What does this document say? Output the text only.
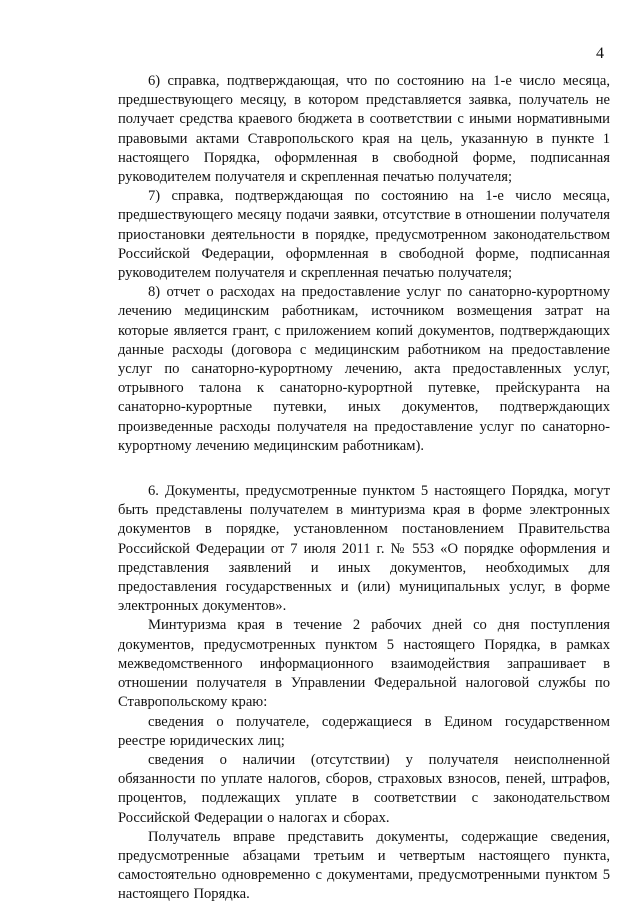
4

6) справка, подтверждающая, что по состоянию на 1-е число месяца, предшествующего месяцу, в котором представляется заявка, получатель не получает средства краевого бюджета в соответствии с иными нормативными правовыми актами Ставропольского края на цель, указанную в пункте 1 настоящего Порядка, оформленная в свободной форме, подписанная руководителем получателя и скрепленная печатью получателя;

7) справка, подтверждающая по состоянию на 1-е число месяца, предшествующего месяцу подачи заявки, отсутствие в отношении получателя приостановки деятельности в порядке, предусмотренном законодательством Российской Федерации, оформленная в свободной форме, подписанная руководителем получателя и скрепленная печатью получателя;

8) отчет о расходах на предоставление услуг по санаторно-курортному лечению медицинским работникам, источником возмещения затрат на которые является грант, с приложением копий документов, подтверждающих данные расходы (договора с медицинским работником на предоставление услуг по санаторно-курортному лечению, акта предоставленных услуг, отрывного талона к санаторно-курортной путевке, прейскуранта на санаторно-курортные путевки, иных документов, подтверждающих произведенные расходы получателя на предоставление услуг по санаторно-курортному лечению медицинским работникам).

6. Документы, предусмотренные пунктом 5 настоящего Порядка, могут быть представлены получателем в минтуризма края в форме электронных документов в порядке, установленном постановлением Правительства Российской Федерации от 7 июля 2011 г. № 553 «О порядке оформления и представления заявлений и иных документов, необходимых для предоставления государственных и (или) муниципальных услуг, в форме электронных документов».

Минтуризма края в течение 2 рабочих дней со дня поступления документов, предусмотренных пунктом 5 настоящего Порядка, в рамках межведомственного информационного взаимодействия запрашивает в отношении получателя в Управлении Федеральной налоговой службы по Ставропольскому краю:

сведения о получателе, содержащиеся в Едином государственном реестре юридических лиц;

сведения о наличии (отсутствии) у получателя неисполненной обязанности по уплате налогов, сборов, страховых взносов, пеней, штрафов, процентов, подлежащих уплате в соответствии с законодательством Российской Федерации о налогах и сборах.

Получатель вправе представить документы, содержащие сведения, предусмотренные абзацами третьим и четвертым настоящего пункта, самостоятельно одновременно с документами, предусмотренными пунктом 5 настоящего Порядка.
